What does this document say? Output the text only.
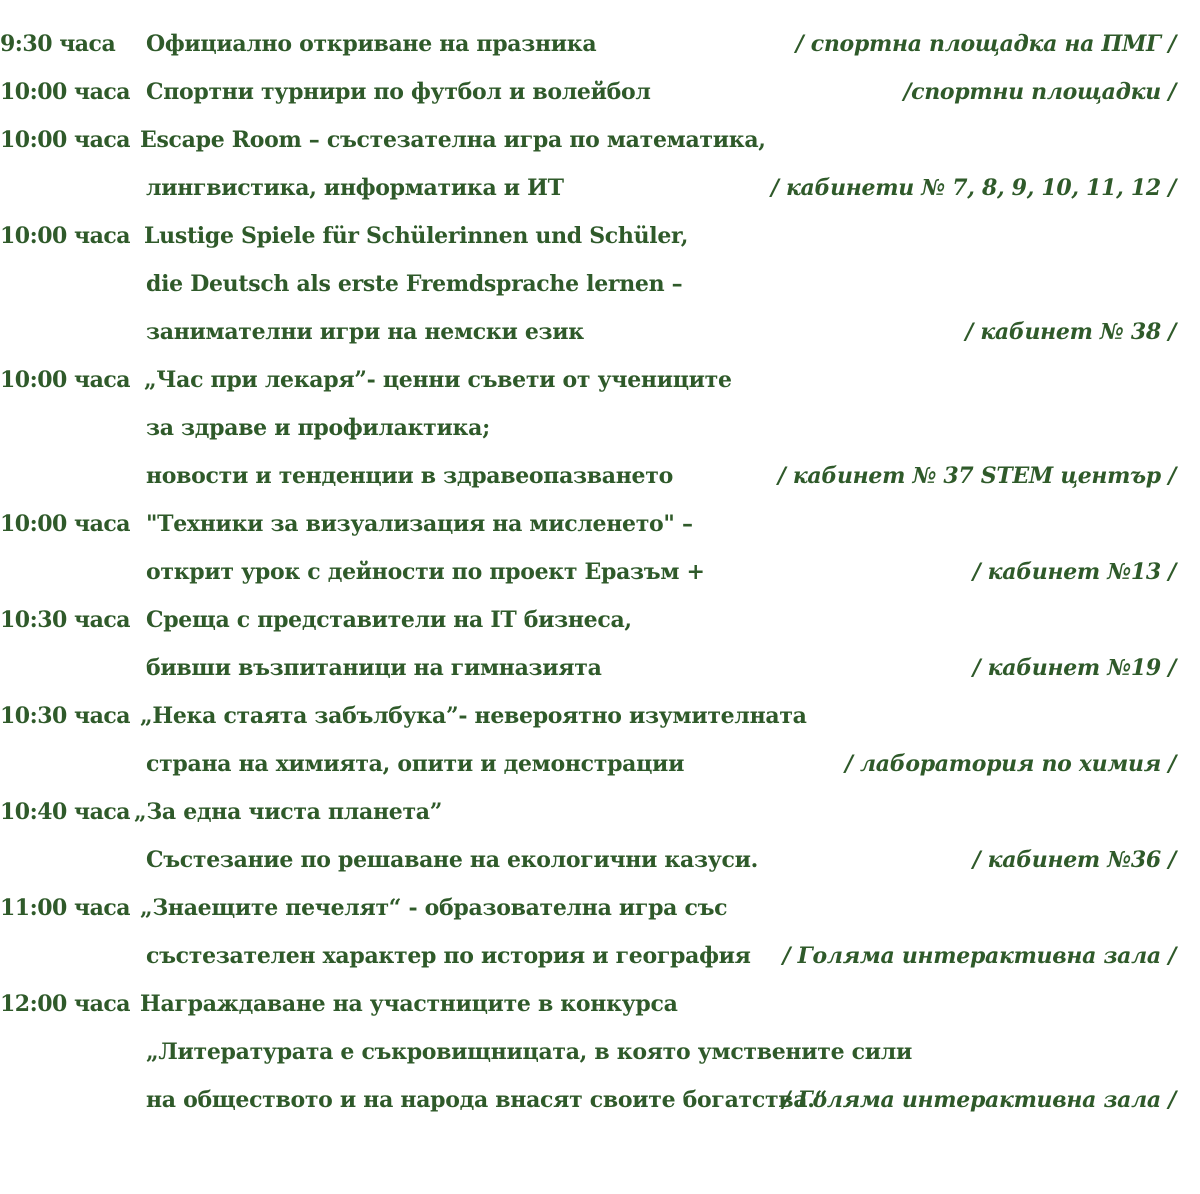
9:30 часа Официално откриване на празника	/ спортна площадка на ПМГ /
10:00 часа Спортни турнири по футбол и волейбол	/спортни площадки /
10:00 часа Escape Room – състезателна игра по математика,
лингвистика, информатика и ИТ	/ кабинети № 7, 8, 9, 10, 11, 12 /
10:00 часа Lustige Spiele für Schülerinnen und Schüler,
die Deutsch als erste Fremdsprache lernen –
занимателни игри на немски език	/ кабинет № 38 /
10:00 часа „Час при лекаря”- ценни съвети от учениците
за здраве и профилактика;
новости и тенденции в здравеопазването	/ кабинет № 37 STEM център /
10:00 часа "Техники за визуализация на мисленето" –
открит урок с дейности по проект Еразъм +	/ кабинет №13 /
10:30 часа Среща с представители на IT бизнеса,
бивши възпитаници на гимназията	/ кабинет №19 /
10:30 часа „Нека стаята забълбука”- невероятно изумителната
страна на химията, опити и демонстрации	/ лаборатория по химия /
10:40 часа „За една чиста планета”
Състезание по решаване на екологични казуси.	/ кабинет №36 /
11:00 часа „Знаещите печелят“ - образователна игра със
състезателен характер по история и география / Голяма интерактивна зала /
12:00 часа Награждаване на участниците в конкурса
„Литературата е съкровищницата, в която умствените сили
на обществото и на народа внасят своите богатства.“
/ Голяма интерактивна зала /
